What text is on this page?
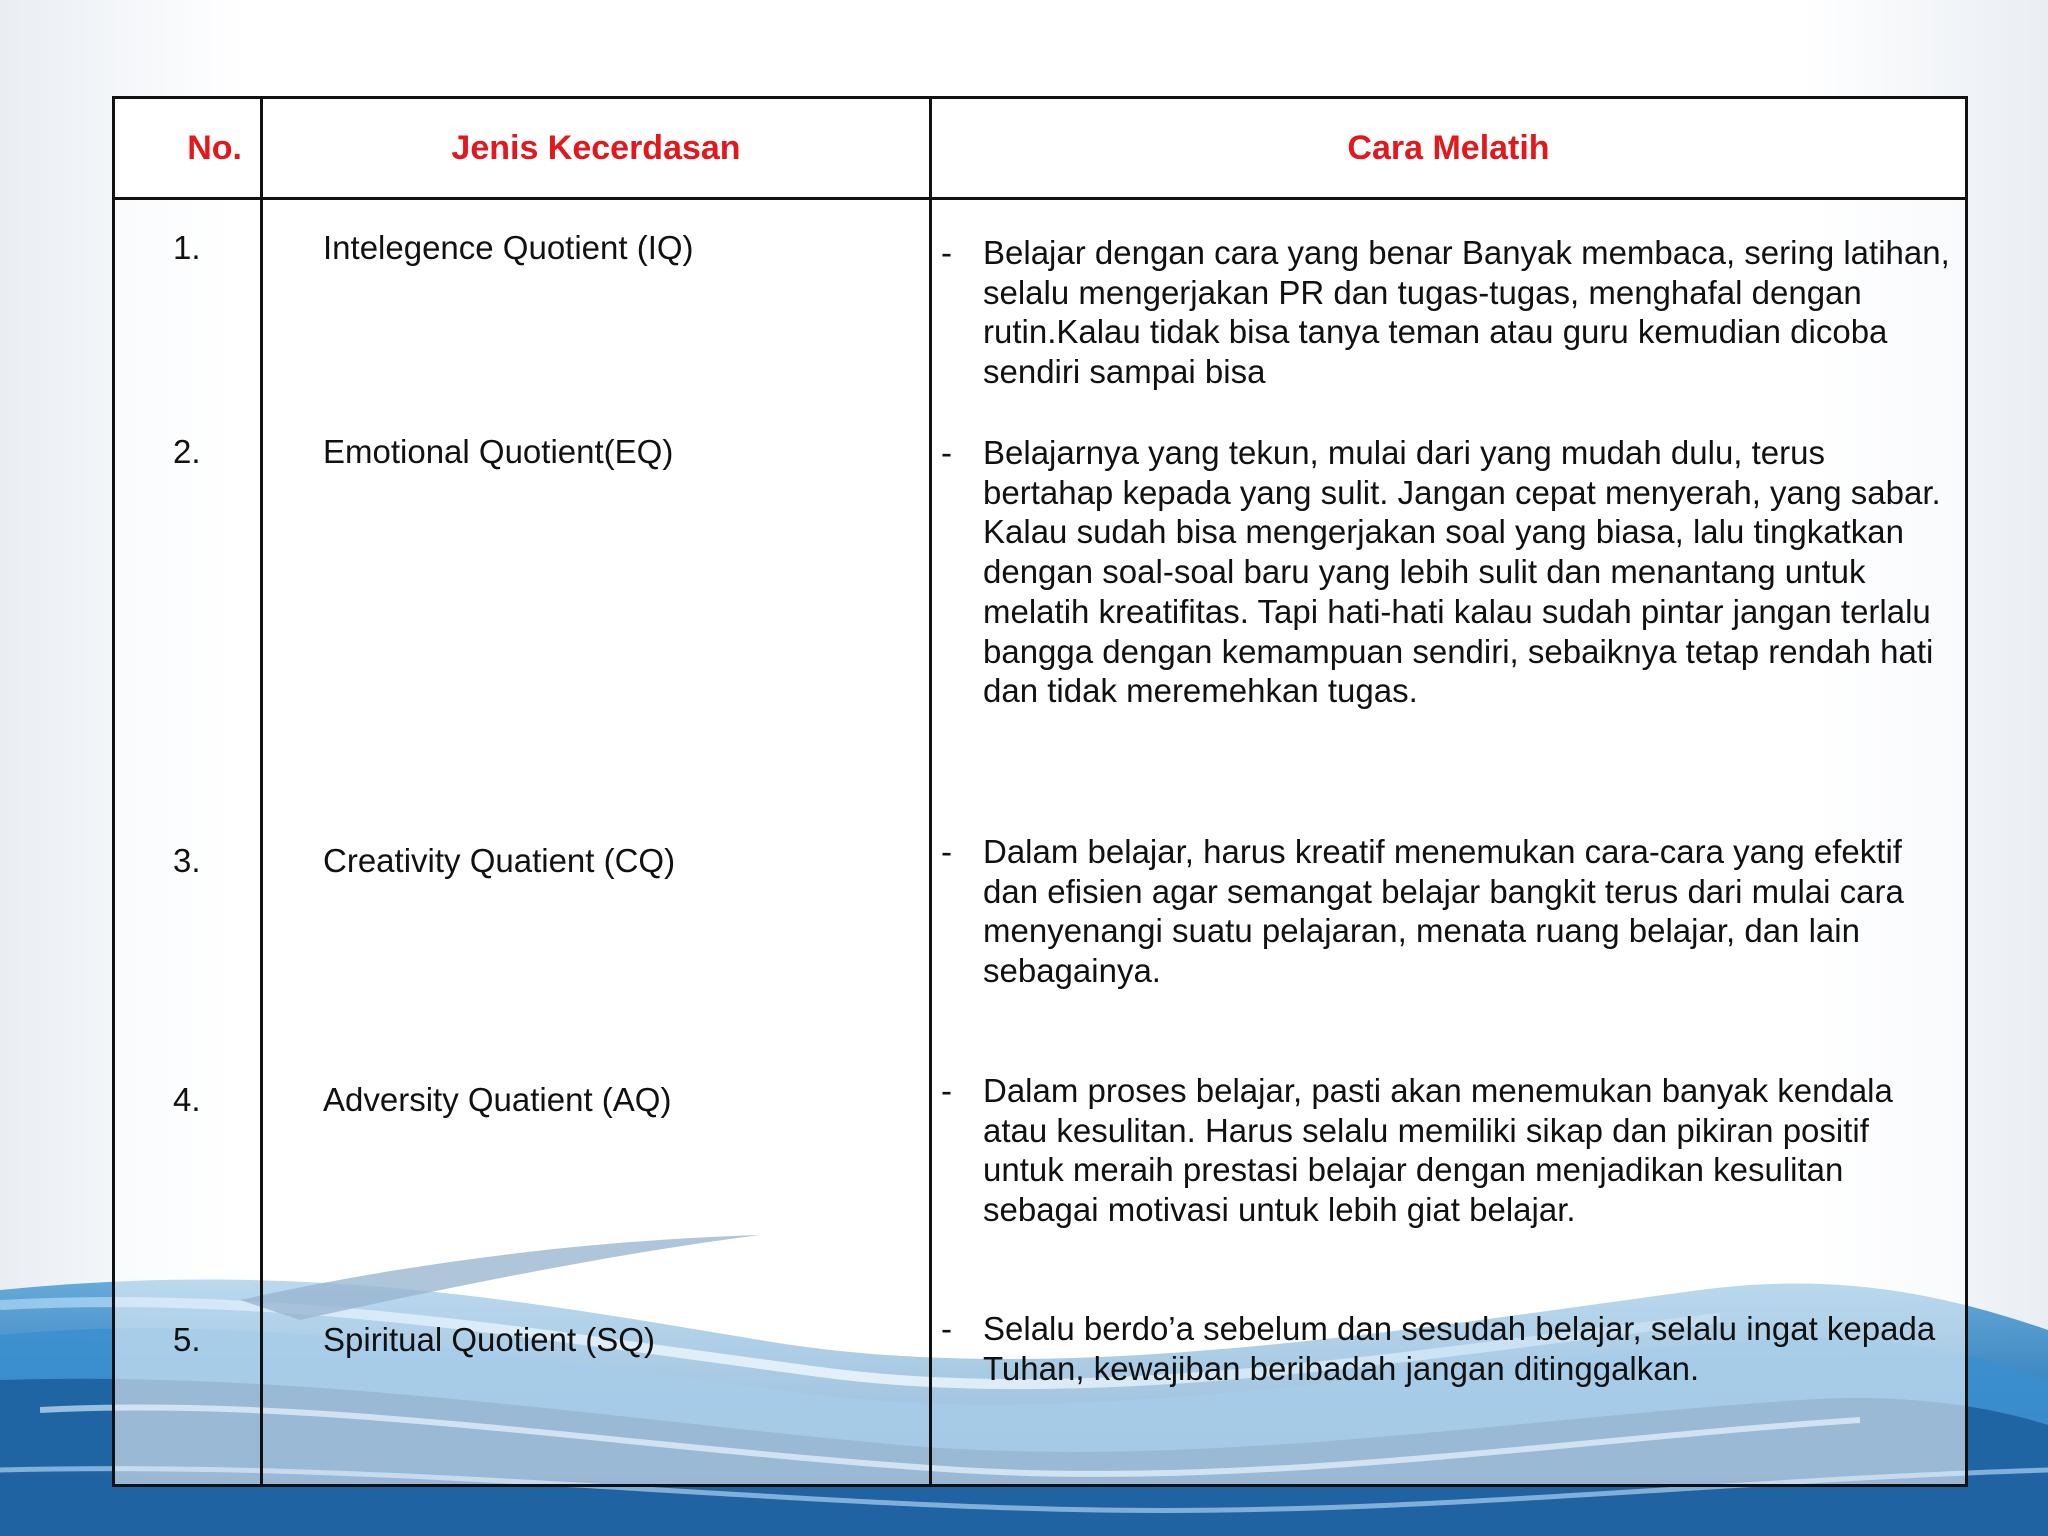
No.	Jenis Kecerdasan	Cara Melatih
1.	Intelegence Quotient (IQ)	- Belajar dengan cara yang benar Banyak membaca, sering latihan, selalu mengerjakan PR dan tugas-tugas, menghafal dengan rutin.Kalau tidak bisa tanya teman atau guru kemudian dicoba sendiri sampai bisa
2.	Emotional Quotient(EQ)	- Belajarnya yang tekun, mulai dari yang mudah dulu, terus bertahap kepada yang sulit. Jangan cepat menyerah, yang sabar. Kalau sudah bisa mengerjakan soal yang biasa, lalu tingkatkan dengan soal-soal baru yang lebih sulit dan menantang untuk melatih kreatifitas. Tapi hati-hati kalau sudah pintar jangan terlalu bangga dengan kemampuan sendiri, sebaiknya tetap rendah hati dan tidak meremehkan tugas.
3.	Creativity Quatient (CQ)	- Dalam belajar, harus kreatif menemukan cara-cara yang efektif dan efisien agar semangat belajar bangkit terus dari mulai cara menyenangi suatu pelajaran, menata ruang belajar, dan lain sebagainya.
4.	Adversity Quatient (AQ)	- Dalam proses belajar, pasti akan menemukan banyak kendala atau kesulitan. Harus selalu memiliki sikap dan pikiran positif untuk meraih prestasi belajar dengan menjadikan kesulitan sebagai motivasi untuk lebih giat belajar.
5.	Spiritual Quotient (SQ)	- Selalu berdo’a sebelum dan sesudah belajar, selalu ingat kepada Tuhan, kewajiban beribadah jangan ditinggalkan.
